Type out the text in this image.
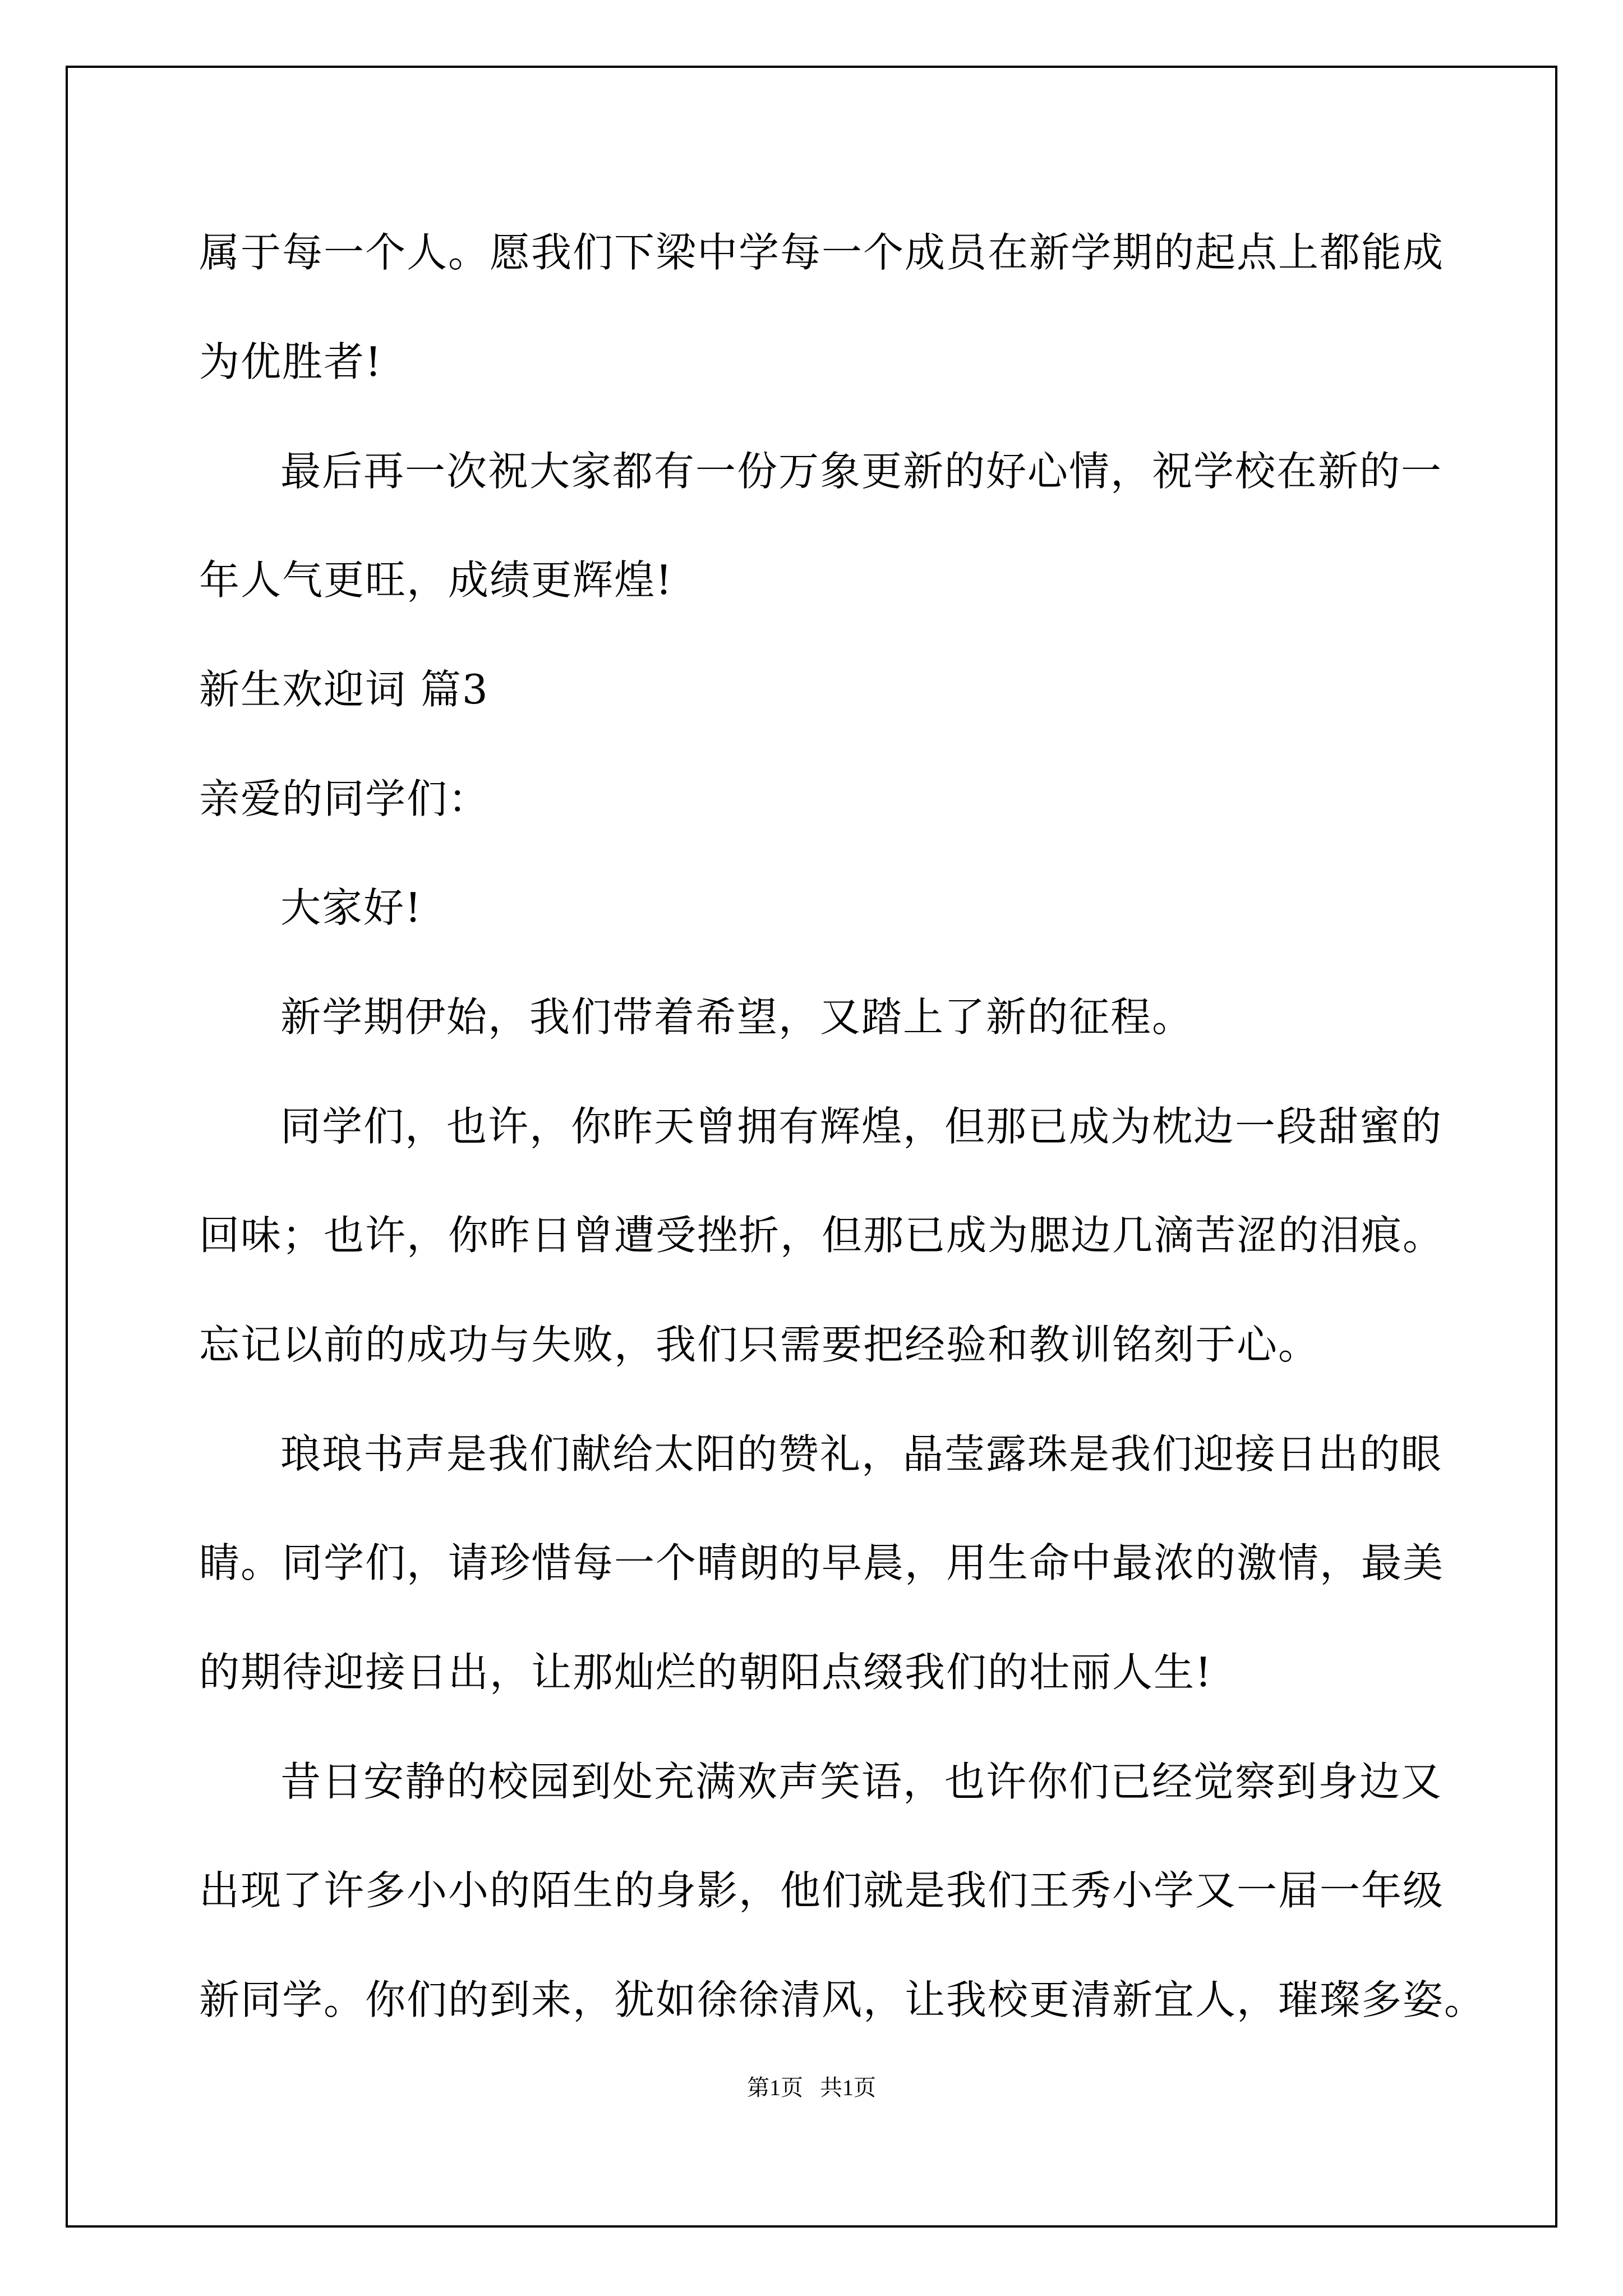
属于每一个人。愿我们下梁中学每一个成员在新学期的起点上都能成
为优胜者!
最后再一次祝大家都有一份万象更新的好心情，祝学校在新的一
年人气更旺，成绩更辉煌!
新生欢迎词 篇3
亲爱的同学们：
大家好!
新学期伊始，我们带着希望，又踏上了新的征程。
同学们，也许，你昨天曾拥有辉煌，但那已成为枕边一段甜蜜的
回味；也许，你昨日曾遭受挫折，但那已成为腮边几滴苦涩的泪痕。
忘记以前的成功与失败，我们只需要把经验和教训铭刻于心。
琅琅书声是我们献给太阳的赞礼，晶莹露珠是我们迎接日出的眼
睛。同学们，请珍惜每一个晴朗的早晨，用生命中最浓的激情，最美
的期待迎接日出，让那灿烂的朝阳点缀我们的壮丽人生!
昔日安静的校园到处充满欢声笑语，也许你们已经觉察到身边又
出现了许多小小的陌生的身影，他们就是我们王秀小学又一届一年级
新同学。你们的到来，犹如徐徐清风，让我校更清新宜人，璀璨多姿。
第1页   共1页
